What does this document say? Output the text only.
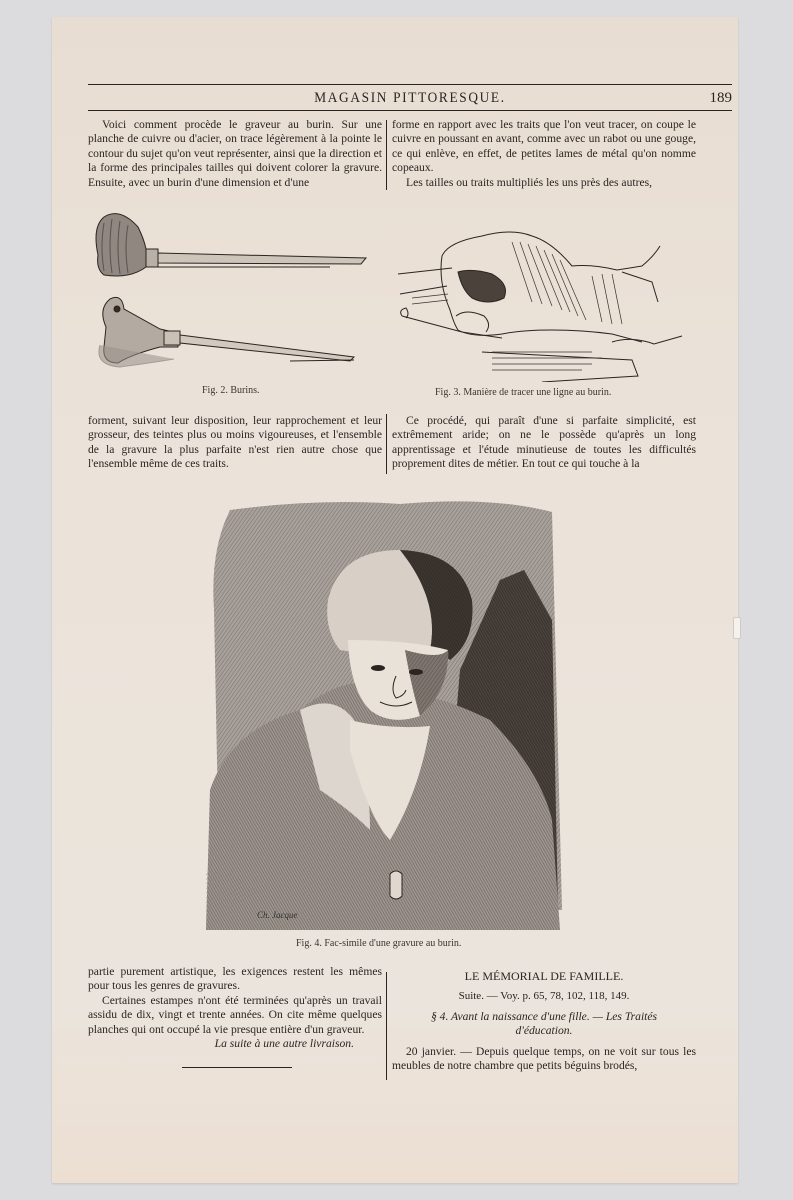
MAGASIN PITTORESQUE.	189

Voici comment procède le graveur au burin. Sur une planche de cuivre ou d'acier, on trace légèrement à la pointe le contour du sujet qu'on veut représenter, ainsi que la direction et la forme des principales tailles qui doivent colorer la gravure. Ensuite, avec un burin d'une dimension et d'une

forme en rapport avec les traits que l'on veut tracer, on coupe le cuivre en poussant en avant, comme avec un rabot ou une gouge, ce qui enlève, en effet, de petites lames de métal qu'on nomme copeaux.

Les tailles ou traits multipliés les uns près des autres,

Fig. 2. Burins.	Fig. 3. Manière de tracer une ligne au burin.

forment, suivant leur disposition, leur rapprochement et leur grosseur, des teintes plus ou moins vigoureuses, et l'ensemble de la gravure la plus parfaite n'est rien autre chose que l'ensemble même de ces traits.

Ce procédé, qui paraît d'une si parfaite simplicité, est extrêmement aride; on ne le possède qu'après un long apprentissage et l'étude minutieuse de toutes les difficultés proprement dites de métier. En tout ce qui touche à la

Ch. Jacque
Fig. 4. Fac-simile d'une gravure au burin.

partie purement artistique, les exigences restent les mêmes pour tous les genres de gravures.

Certaines estampes n'ont été terminées qu'après un travail assidu de dix, vingt et trente années. On cite même quelques planches qui ont occupé la vie presque entière d'un graveur.

La suite à une autre livraison.

LE MÉMORIAL DE FAMILLE.

Suite. — Voy. p. 65, 78, 102, 118, 149.

§ 4. Avant la naissance d'une fille. — Les Traités

d'éducation.

20 janvier. — Depuis quelque temps, on ne voit sur tous les meubles de notre chambre que petits béguins brodés,
